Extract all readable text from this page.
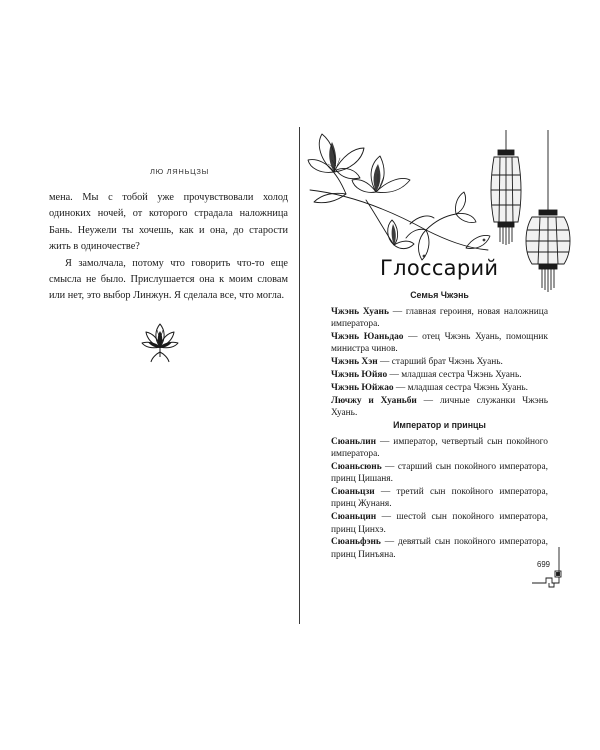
ЛЮ ЛЯНЬЦЗЫ

мена. Мы с тобой уже прочувствовали холод одиноких ночей, от которого страдала наложница Бань. Неужели ты хочешь, как и она, до старости жить в одиночестве?

Я замолчала, потому что говорить что-то еще смысла не было. Прислушается она к моим словам или нет, это выбор Линжун. Я сделала все, что могла.

Глоссарий
Семья Чжэнь
Чжэнь Хуань — главная героиня, новая наложница императора.
Чжэнь Юаньдао — отец Чжэнь Хуань, помощник министра чинов.
Чжэнь Хэн — старший брат Чжэнь Хуань.
Чжэнь Юйяо — младшая сестра Чжэнь Хуань.
Чжэнь Юйжао — младшая сестра Чжэнь Хуань.
Лючжу и Хуаньби — личные служанки Чжэнь Хуань.
Император и принцы
Сюаньлин — император, четвертый сын покойного императора.
Сюаньсюнь — старший сын покойного императора, принц Цишаня.
Сюаньцзи — третий сын покойного императора, принц Жунаня.
Сюаньцин — шестой сын покойного императора, принц Цинхэ.
Сюаньфэнь — девятый сын покойного императора, принц Пинъяна.
699
